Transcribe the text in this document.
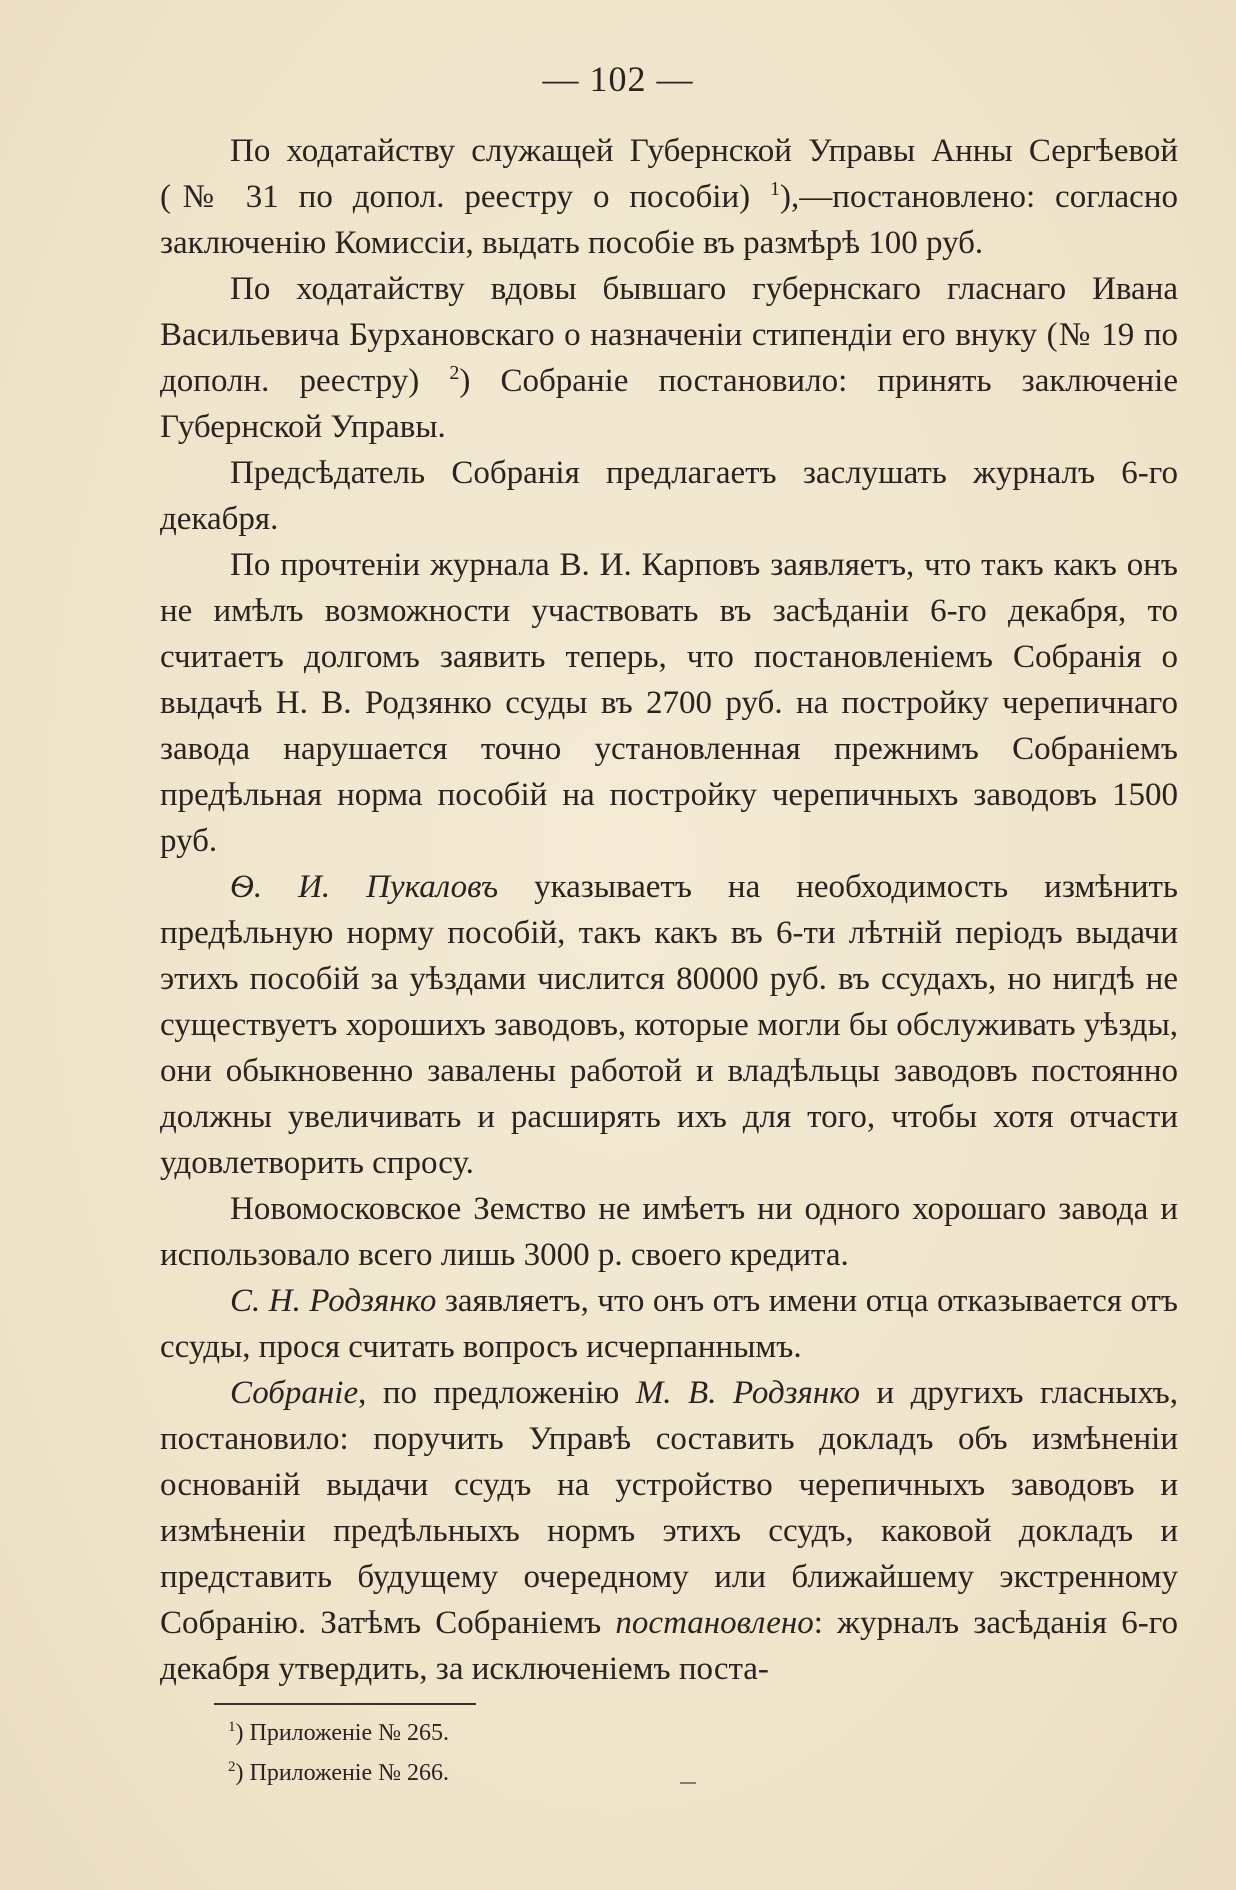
— 102 —

По ходатайству служащей Губернской Управы Анны Сергѣевой (№ 31 по допол. реестру о пособіи) $^1$),—постановлено: согласно заключенію Комиссіи, выдать пособіе въ размѣрѣ 100 руб.

По ходатайству вдовы бывшаго губернскаго гласнаго Ивана Васильевича Бурхановскаго о назначеніи стипендіи его внуку (№ 19 по дополн. реестру) $^2$) Собраніе постановило: принять заключеніе Губернской Управы.

Предсѣдатель Собранія предлагаетъ заслушать журналъ 6-го декабря.

По прочтеніи журнала В. И. Карповъ заявляетъ, что такъ какъ онъ не имѣлъ возможности участвовать въ засѣданіи 6-го декабря, то считаетъ долгомъ заявить теперь, что постановленіемъ Собранія о выдачѣ Н. В. Родзянко ссуды въ 2700 руб. на постройку черепичнаго завода нарушается точно установленная прежнимъ Собраніемъ предѣльная норма пособій на постройку черепичныхъ заводовъ 1500 руб.

Ѳ. И. Пукаловъ указываетъ на необходимость измѣнить предѣльную норму пособій, такъ какъ въ 6-ти лѣтній періодъ выдачи этихъ пособій за уѣздами числится 80000 руб. въ ссудахъ, но нигдѣ не существуетъ хорошихъ заводовъ, которые могли бы обслуживать уѣзды, они обыкновенно завалены работой и владѣльцы заводовъ постоянно должны увеличивать и расширять ихъ для того, чтобы хотя отчасти удовлетворить спросу.

Новомосковское Земство не имѣетъ ни одного хорошаго завода и использовало всего лишь 3000 р. своего кредита.

С. Н. Родзянко заявляетъ, что онъ отъ имени отца отказывается отъ ссуды, прося считать вопросъ исчерпаннымъ.

Собраніе, по предложенію М. В. Родзянко и другихъ гласныхъ, постановило: поручить Управѣ составить докладъ объ измѣненіи основаній выдачи ссудъ на устройство черепичныхъ заводовъ и измѣненіи предѣльныхъ нормъ этихъ ссудъ, каковой докладъ и представить будущему очередному или ближайшему экстренному Собранію. Затѣмъ Собраніемъ постановлено: журналъ засѣданія 6-го декабря утвердить, за исключеніемъ поста-

$^1$) Приложеніе № 265.
$^2$) Приложеніе № 266.
